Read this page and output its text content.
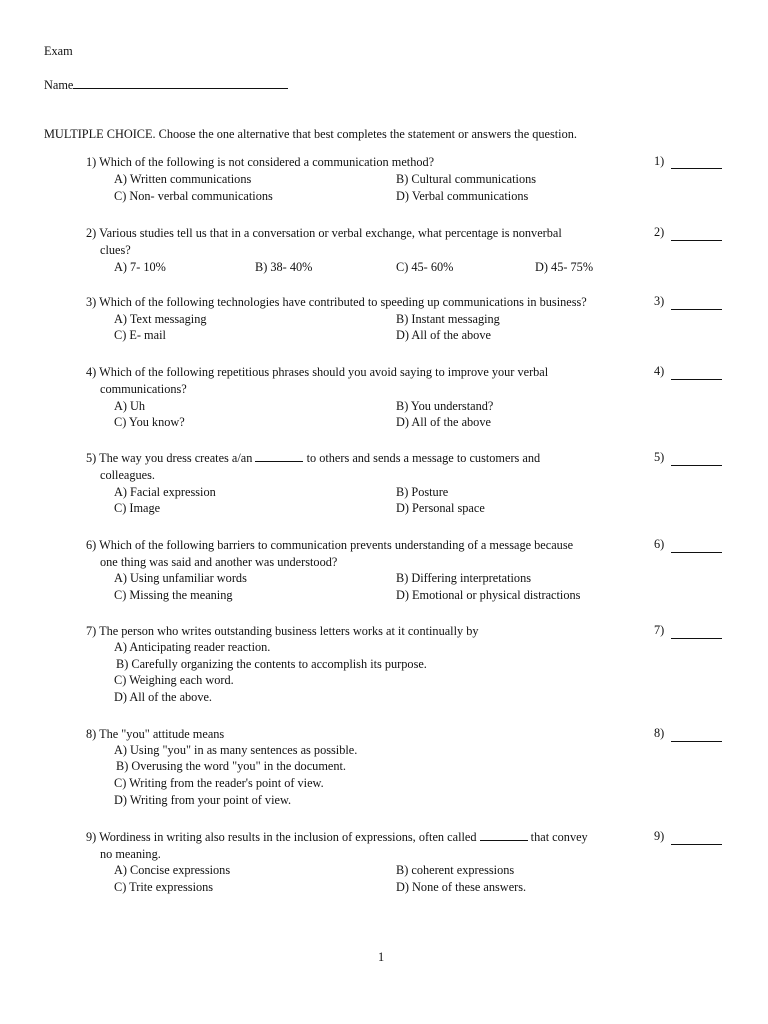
Exam
Name
MULTIPLE CHOICE. Choose the one alternative that best completes the statement or answers the question.
1) Which of the following is not considered a communication method?	1)
A) Written communications	B) Cultural communications
C) Non- verbal communications	D) Verbal communications
2) Various studies tell us that in a conversation or verbal exchange, what percentage is nonverbal
clues?
2)
A) 7- 10%	B) 38- 40%	C) 45- 60%	D) 45- 75%
3) Which of the following technologies have contributed to speeding up communications in business?	3)
A) Text messaging	B) Instant messaging
C) E- mail	D) All of the above
4) Which of the following repetitious phrases should you avoid saying to improve your verbal
communications?
4)
A) Uh	B) You understand?
C) You know?	D) All of the above
5) The way you dress creates a/an	to others and sends a message to customers and
colleagues.
5)
A) Facial expression	B) Posture
C) Image	D) Personal space
6) Which of the following barriers to communication prevents understanding of a message because
one thing was said and another was understood?
6)
A) Using unfamiliar words	B) Differing interpretations
C) Missing the meaning	D) Emotional or physical distractions
7) The person who writes outstanding business letters works at it continually by	7)
A) Anticipating reader reaction.
B) Carefully organizing the contents to accomplish its purpose.
C) Weighing each word.
D) All of the above.
8) The "you" attitude means	8)
A) Using "you" in as many sentences as possible.
B) Overusing the word "you" in the document.
C) Writing from the reader's point of view.
D) Writing from your point of view.
9) Wordiness in writing also results in the inclusion of expressions, often called	that convey
no meaning.
9)
A) Concise expressions	B) coherent expressions
C) Trite expressions	D) None of these answers.
1
